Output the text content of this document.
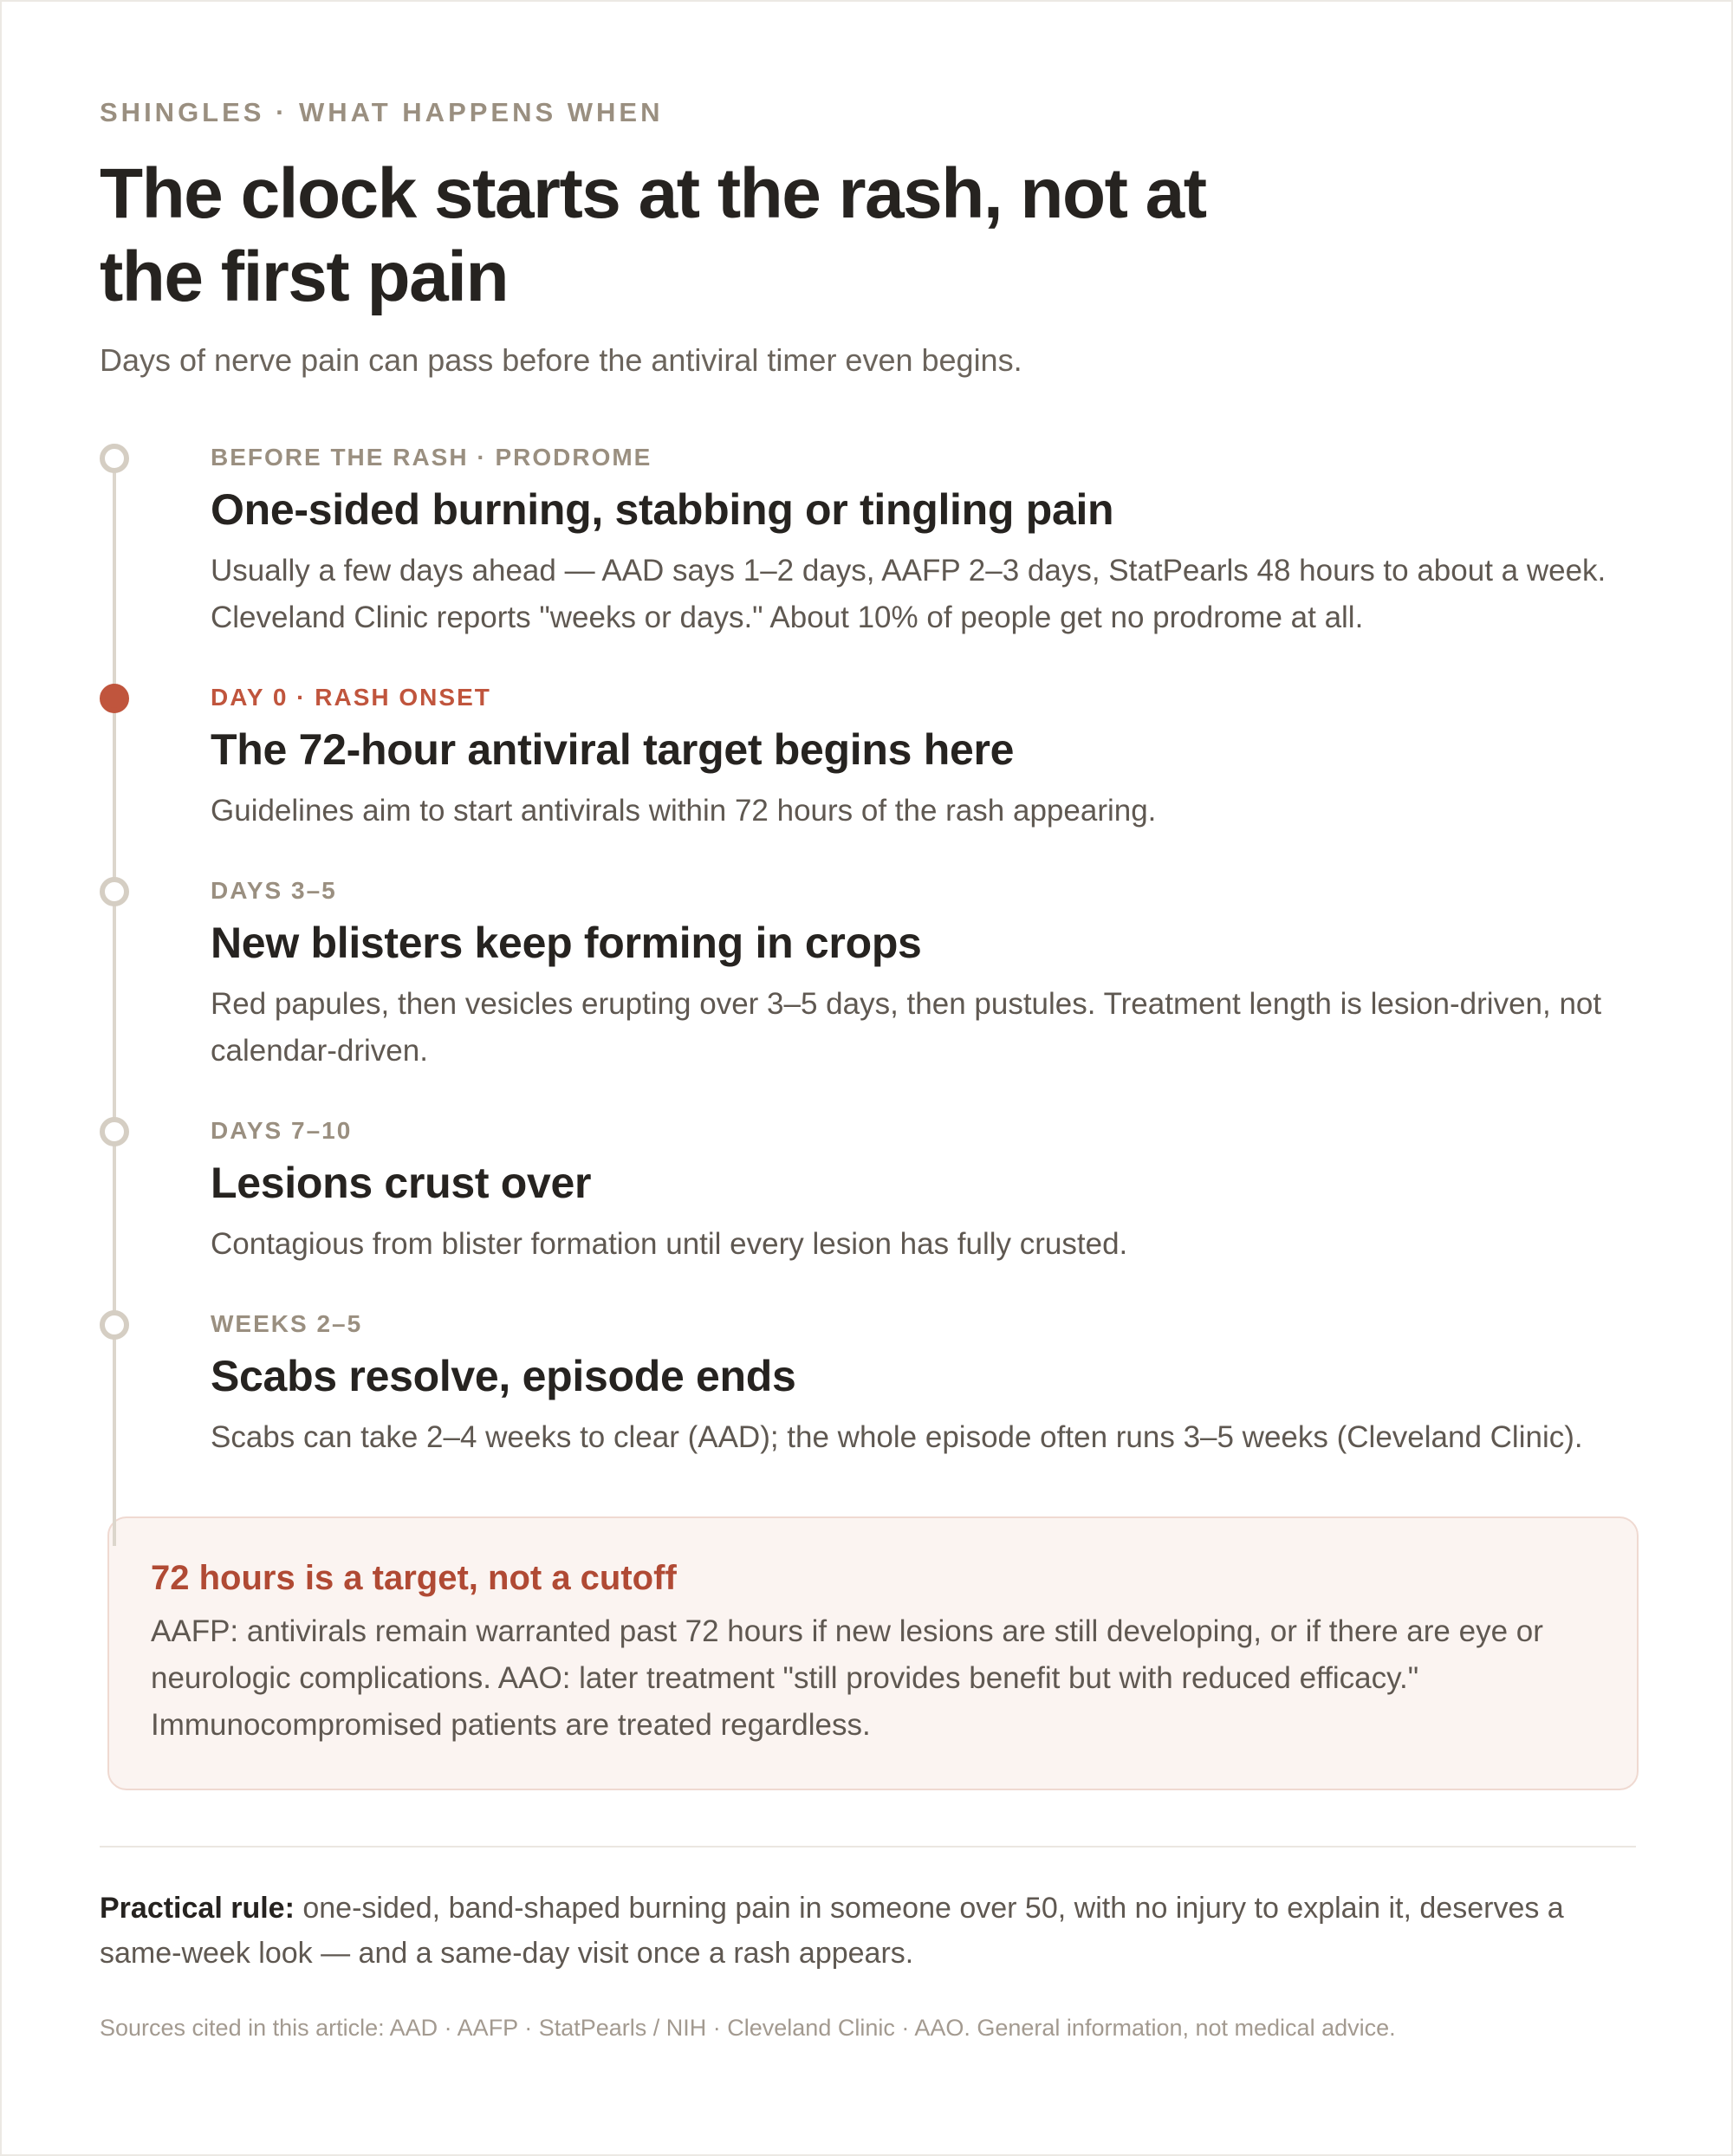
SHINGLES · WHAT HAPPENS WHEN

The clock starts at the rash, not at the first pain

Days of nerve pain can pass before the antiviral timer even begins.

BEFORE THE RASH · PRODROME

One-sided burning, stabbing or tingling pain

Usually a few days ahead — AAD says 1–2 days, AAFP 2–3 days, StatPearls 48 hours to about a week. Cleveland Clinic reports "weeks or days." About 10% of people get no prodrome at all.

DAY 0 · RASH ONSET

The 72-hour antiviral target begins here

Guidelines aim to start antivirals within 72 hours of the rash appearing.

DAYS 3–5

New blisters keep forming in crops

Red papules, then vesicles erupting over 3–5 days, then pustules. Treatment length is lesion-driven, not calendar-driven.

DAYS 7–10

Lesions crust over

Contagious from blister formation until every lesion has fully crusted.

WEEKS 2–5

Scabs resolve, episode ends

Scabs can take 2–4 weeks to clear (AAD); the whole episode often runs 3–5 weeks (Cleveland Clinic).

72 hours is a target, not a cutoff

AAFP: antivirals remain warranted past 72 hours if new lesions are still developing, or if there are eye or neurologic complications. AAO: later treatment "still provides benefit but with reduced efficacy." Immunocompromised patients are treated regardless.

Practical rule: one-sided, band-shaped burning pain in someone over 50, with no injury to explain it, deserves a same-week look — and a same-day visit once a rash appears.

Sources cited in this article: AAD · AAFP · StatPearls / NIH · Cleveland Clinic · AAO. General information, not medical advice.
